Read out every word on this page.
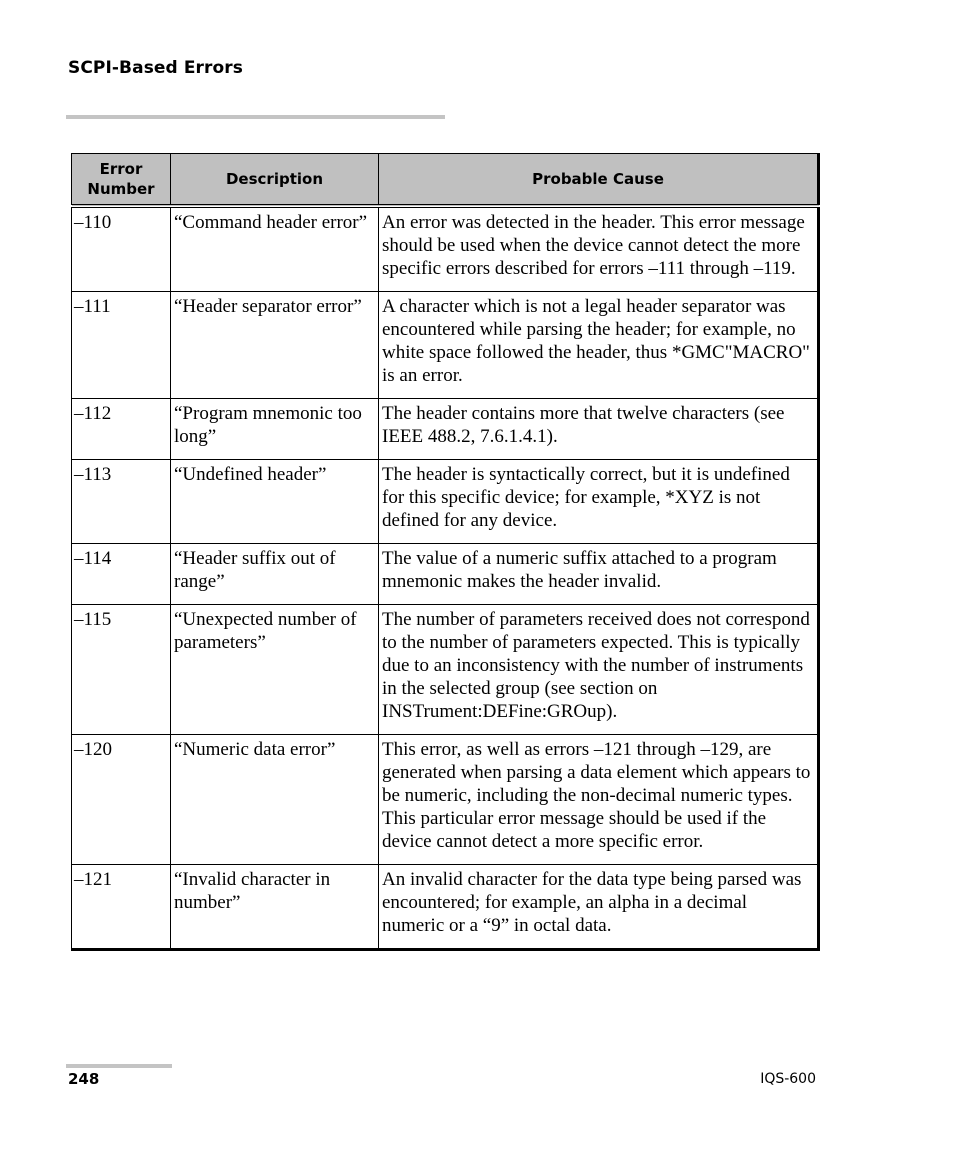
SCPI-Based Errors
Error Number	Description	Probable Cause
–110	“Command header error”	An error was detected in the header. This error message should be used when the device cannot detect the more specific errors described for errors –111 through –119.
–111	“Header separator error”	A character which is not a legal header separator was encountered while parsing the header; for example, no white space followed the header, thus *GMC"MACRO" is an error.
–112	“Program mnemonic too long”	The header contains more that twelve characters (see IEEE 488.2, 7.6.1.4.1).
–113	“Undefined header”	The header is syntactically correct, but it is undefined for this specific device; for example, *XYZ is not defined for any device.
–114	“Header suffix out of range”	The value of a numeric suffix attached to a program mnemonic makes the header invalid.
–115	“Unexpected number of parameters”	The number of parameters received does not correspond to the number of parameters expected. This is typically due to an inconsistency with the number of instruments in the selected group (see section on INSTrument:DEFine:GROup).
–120	“Numeric data error”	This error, as well as errors –121 through –129, are generated when parsing a data element which appears to be numeric, including the non-decimal numeric types. This particular error message should be used if the device cannot detect a more specific error.
–121	“Invalid character in number”	An invalid character for the data type being parsed was encountered; for example, an alpha in a decimal numeric or a “9” in octal data.
248	IQS-600
